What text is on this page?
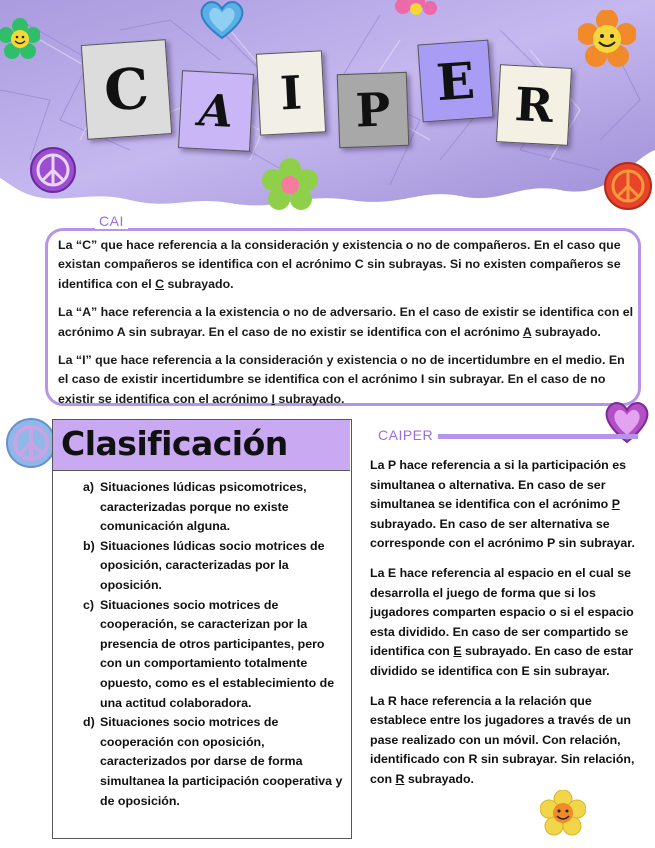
C A I P E R
CAI

La “C” que hace referencia a la consideración y existencia o no de compañeros. En el caso que existan compañeros se identifica con el acrónimo C sin subrayas. Si no existen compañeros se identifica con el C subrayado.

La “A” hace referencia a la existencia o no de adversario. En el caso de existir se identifica con el acrónimo A sin subrayar. En el caso de no existir se identifica con el acrónimo A subrayado.

La “I” que hace referencia a la consideración y existencia o no de incertidumbre en el medio. En el caso de existir incertidumbre se identifica con el acrónimo I sin subrayar. En el caso de no existir se identifica con el acrónimo I subrayado.

Clasificación
a) Situaciones lúdicas psicomotrices, caracterizadas porque no existe comunicación alguna.
b) Situaciones lúdicas socio motrices de oposición, caracterizadas por la oposición.
c) Situaciones socio motrices de cooperación, se caracterizan por la presencia de otros participantes, pero con un comportamiento totalmente opuesto, como es el establecimiento de una actitud colaboradora.
d) Situaciones socio motrices de cooperación con oposición, caracterizados por darse de forma simultanea la participación cooperativa y de oposición.
CAIPER

La P hace referencia a si la participación es simultanea o alternativa. En caso de ser simultanea se identifica con el acrónimo P subrayado. En caso de ser alternativa se corresponde con el acrónimo P sin subrayar.

La E hace referencia al espacio en el cual se desarrolla el juego de forma que si los jugadores comparten espacio o si el espacio esta dividido. En caso de ser compartido se identifica con E subrayado. En caso de estar dividido se identifica con E sin subrayar.

La R hace referencia a la relación que establece entre los jugadores a través de un pase realizado con un móvil. Con relación, identificado con R sin subrayar. Sin relación, con R subrayado.
